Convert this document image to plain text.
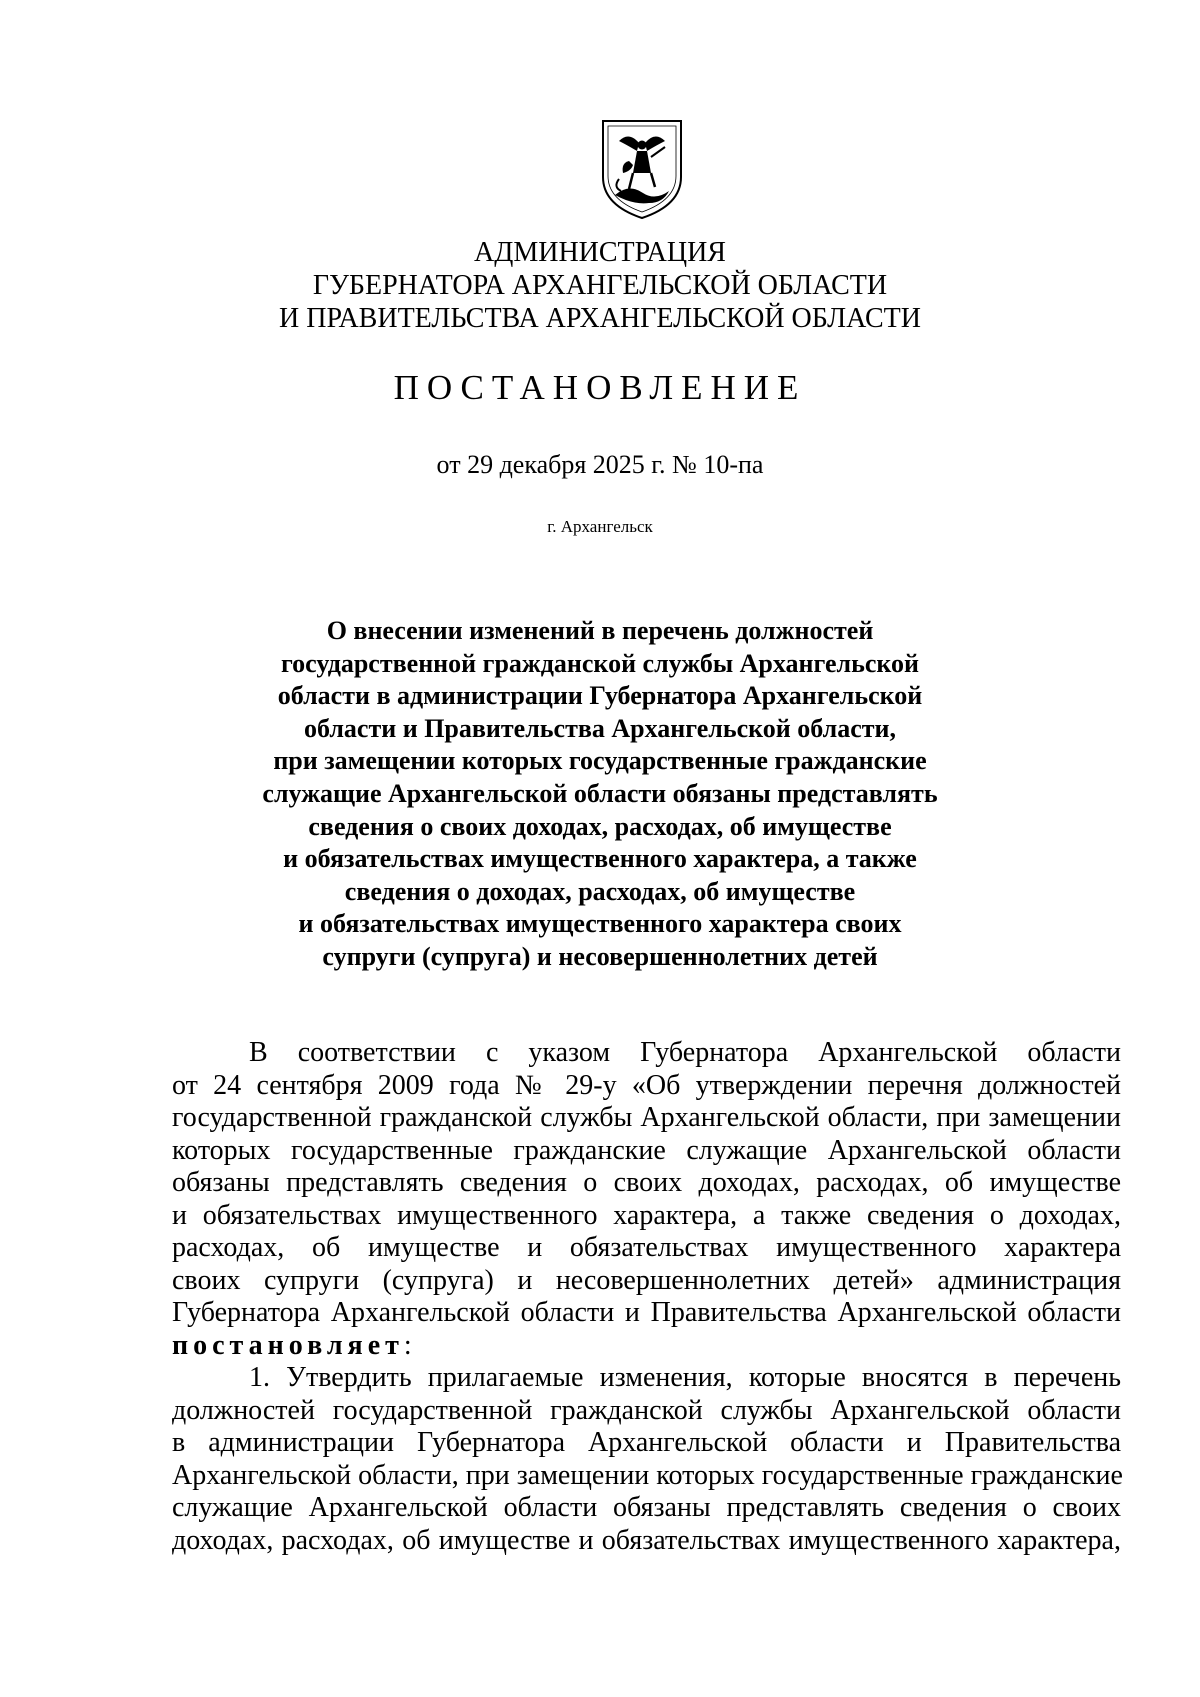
АДМИНИСТРАЦИЯ
ГУБЕРНАТОРА АРХАНГЕЛЬСКОЙ ОБЛАСТИ
И ПРАВИТЕЛЬСТВА АРХАНГЕЛЬСКОЙ ОБЛАСТИ
ПОСТАНОВЛЕНИЕ
от 29 декабря 2025 г. № 10-па
г. Архангельск
О внесении изменений в перечень должностей
государственной гражданской службы Архангельской
области в администрации Губернатора Архангельской
области и Правительства Архангельской области,
при замещении которых государственные гражданские
служащие Архангельской области обязаны представлять
сведения о своих доходах, расходах, об имуществе
и обязательствах имущественного характера, а также
сведения о доходах, расходах, об имуществе
и обязательствах имущественного характера своих
супруги (супруга) и несовершеннолетних детей
В соответствии с указом Губернатора Архангельской области
от 24 сентября 2009 года № 29-у «Об утверждении перечня должностей
государственной гражданской службы Архангельской области, при замещении
которых государственные гражданские служащие Архангельской области
обязаны представлять сведения о своих доходах, расходах, об имуществе
и обязательствах имущественного характера, а также сведения о доходах,
расходах, об имуществе и обязательствах имущественного характера
своих супруги (супруга) и несовершеннолетних детей» администрация
Губернатора Архангельской области и Правительства Архангельской области
постановляет:
1. Утвердить прилагаемые изменения, которые вносятся в перечень
должностей государственной гражданской службы Архангельской области
в администрации Губернатора Архангельской области и Правительства
Архангельской области, при замещении которых государственные гражданские
служащие Архангельской области обязаны представлять сведения о своих
доходах, расходах, об имуществе и обязательствах имущественного характера,
